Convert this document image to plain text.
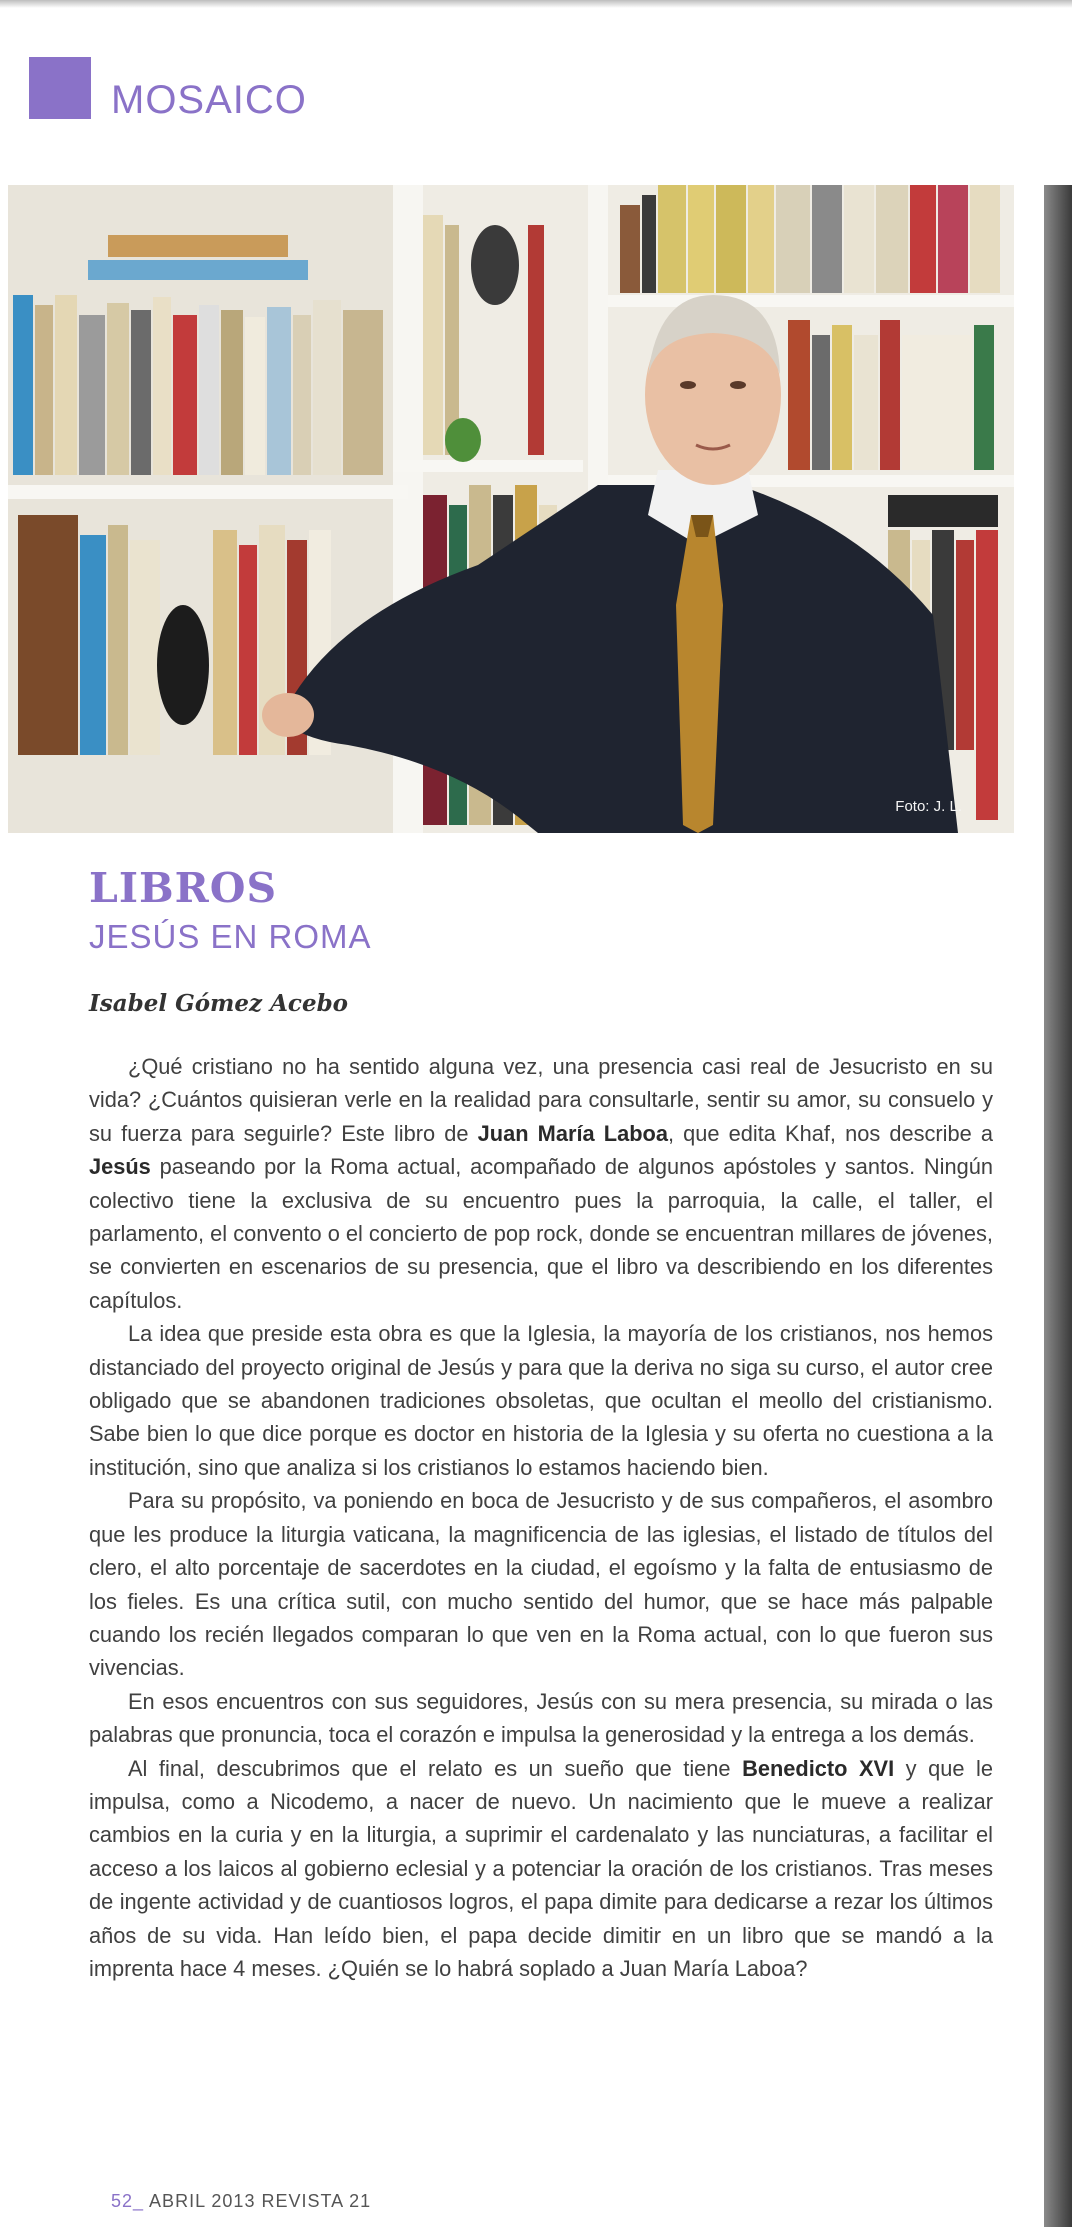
MOSAICO
Foto: J. L.
LIBROS
JESÚS EN ROMA
Isabel Gómez Acebo

¿Qué cristiano no ha sentido alguna vez, una presencia casi real de Jesucristo en su vida? ¿Cuántos quisieran verle en la realidad para consultarle, sentir su amor, su consuelo y su fuerza para seguirle? Este libro de Juan María Laboa, que edita Khaf, nos describe a Jesús paseando por la Roma actual, acompañado de algunos apóstoles y santos. Ningún colectivo tiene la exclusiva de su encuentro pues la parroquia, la calle, el taller, el parlamento, el convento o el concierto de pop rock, donde se encuentran millares de jóvenes, se convierten en escenarios de su presencia, que el libro va describiendo en los diferentes capítulos.

La idea que preside esta obra es que la Iglesia, la mayoría de los cristianos, nos hemos distanciado del proyecto original de Jesús y para que la deriva no siga su curso, el autor cree obligado que se abandonen tradiciones obsoletas, que ocultan el meollo del cristianismo. Sabe bien lo que dice porque es doctor en historia de la Iglesia y su oferta no cuestiona a la institución, sino que analiza si los cristianos lo estamos haciendo bien.

Para su propósito, va poniendo en boca de Jesucristo y de sus compañeros, el asombro que les produce la liturgia vaticana, la magnificencia de las iglesias, el listado de títulos del clero, el alto porcentaje de sacerdotes en la ciudad, el egoísmo y la falta de entusiasmo de los fieles. Es una crítica sutil, con mucho sentido del humor, que se hace más palpable cuando los recién llegados comparan lo que ven en la Roma actual, con lo que fueron sus vivencias.

En esos encuentros con sus seguidores, Jesús con su mera presencia, su mirada o las palabras que pronuncia, toca el corazón e impulsa la generosidad y la entrega a los demás.

Al final, descubrimos que el relato es un sueño que tiene Benedicto XVI y que le impulsa, como a Nicodemo, a nacer de nuevo. Un nacimiento que le mueve a realizar cambios en la curia y en la liturgia, a suprimir el cardenalato y las nunciaturas, a facilitar el acceso a los laicos al gobierno eclesial y a potenciar la oración de los cristianos. Tras meses de ingente actividad y de cuantiosos logros, el papa dimite para dedicarse a rezar los últimos años de su vida. Han leído bien, el papa decide dimitir en un libro que se mandó a la imprenta hace 4 meses. ¿Quién se lo habrá soplado a Juan María Laboa?

52_ ABRIL 2013 REVISTA 21
